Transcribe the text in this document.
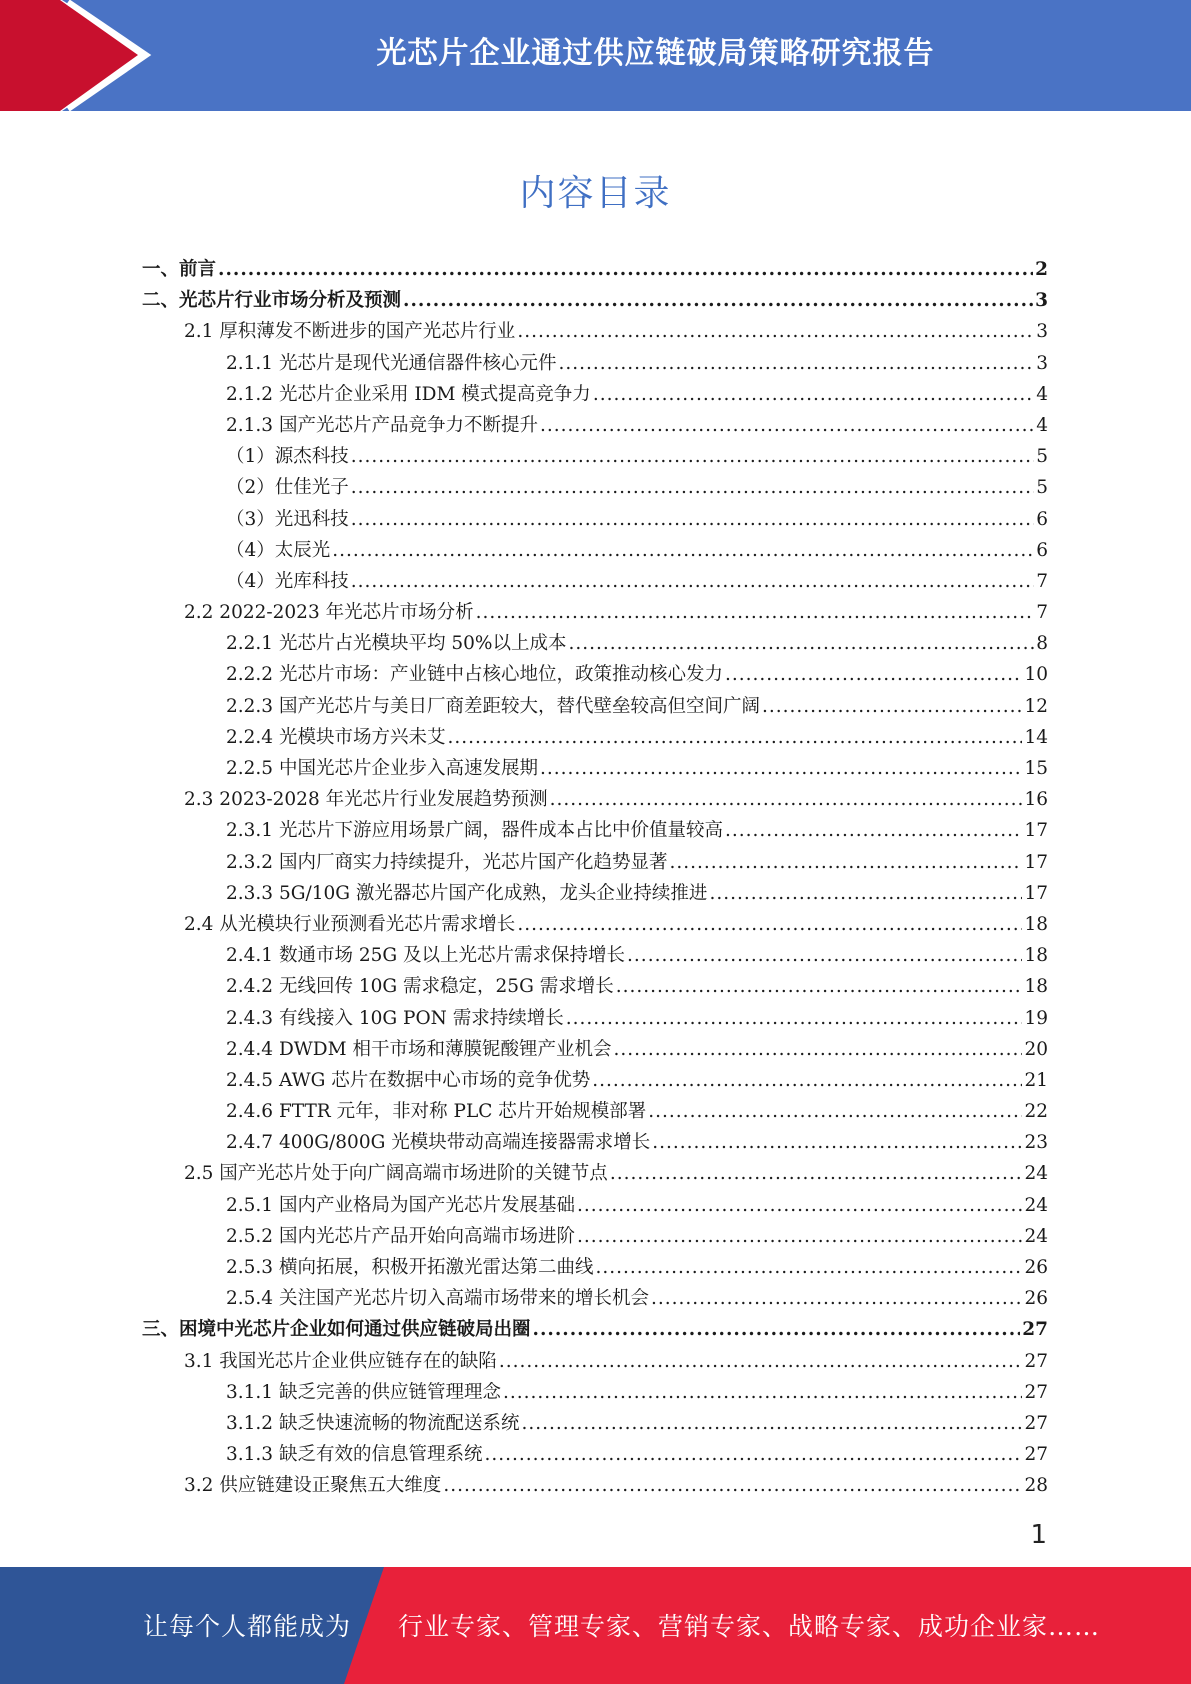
光芯片企业通过供应链破局策略研究报告
内容目录
一、前言 .....	2
二、光芯片行业市场分析及预测 .....	3
2.1 厚积薄发不断进步的国产光芯片行业 .....	3
2.1.1 光芯片是现代光通信器件核心元件 .....	3
2.1.2 光芯片企业采用 IDM 模式提高竞争力 .....	4
2.1.3 国产光芯片产品竞争力不断提升 .....	4
（1）源杰科技 .....	5
（2）仕佳光子 .....	5
（3）光迅科技 .....	6
（4）太辰光 .....	6
（4）光库科技 .....	7
2.2 2022-2023 年光芯片市场分析 .....	7
2.2.1 光芯片占光模块平均 50%以上成本 .....	8
2.2.2 光芯片市场：产业链中占核心地位，政策推动核心发力 .....	10
2.2.3 国产光芯片与美日厂商差距较大，替代壁垒较高但空间广阔 .....	12
2.2.4 光模块市场方兴未艾 .....	14
2.2.5 中国光芯片企业步入高速发展期 .....	15
2.3 2023-2028 年光芯片行业发展趋势预测 .....	16
2.3.1 光芯片下游应用场景广阔，器件成本占比中价值量较高 .....	17
2.3.2 国内厂商实力持续提升，光芯片国产化趋势显著 .....	17
2.3.3 5G/10G 激光器芯片国产化成熟，龙头企业持续推进 .....	17
2.4 从光模块行业预测看光芯片需求增长 .....	18
2.4.1 数通市场 25G 及以上光芯片需求保持增长 .....	18
2.4.2 无线回传 10G 需求稳定，25G 需求增长 .....	18
2.4.3 有线接入 10G PON 需求持续增长 .....	19
2.4.4 DWDM 相干市场和薄膜铌酸锂产业机会 .....	20
2.4.5 AWG 芯片在数据中心市场的竞争优势 .....	21
2.4.6 FTTR 元年，非对称 PLC 芯片开始规模部署 .....	22
2.4.7 400G/800G 光模块带动高端连接器需求增长 .....	23
2.5 国产光芯片处于向广阔高端市场进阶的关键节点 .....	24
2.5.1 国内产业格局为国产光芯片发展基础 .....	24
2.5.2 国内光芯片产品开始向高端市场进阶 .....	24
2.5.3 横向拓展，积极开拓激光雷达第二曲线 .....	26
2.5.4 关注国产光芯片切入高端市场带来的增长机会 .....	26
三、困境中光芯片企业如何通过供应链破局出圈 .....	27
3.1 我国光芯片企业供应链存在的缺陷 .....	27
3.1.1 缺乏完善的供应链管理理念 .....	27
3.1.2 缺乏快速流畅的物流配送系统 .....	27
3.1.3 缺乏有效的信息管理系统 .....	27
3.2 供应链建设正聚焦五大维度 .....	28
1
让每个人都能成为 行业专家、管理专家、营销专家、战略专家、成功企业家……
